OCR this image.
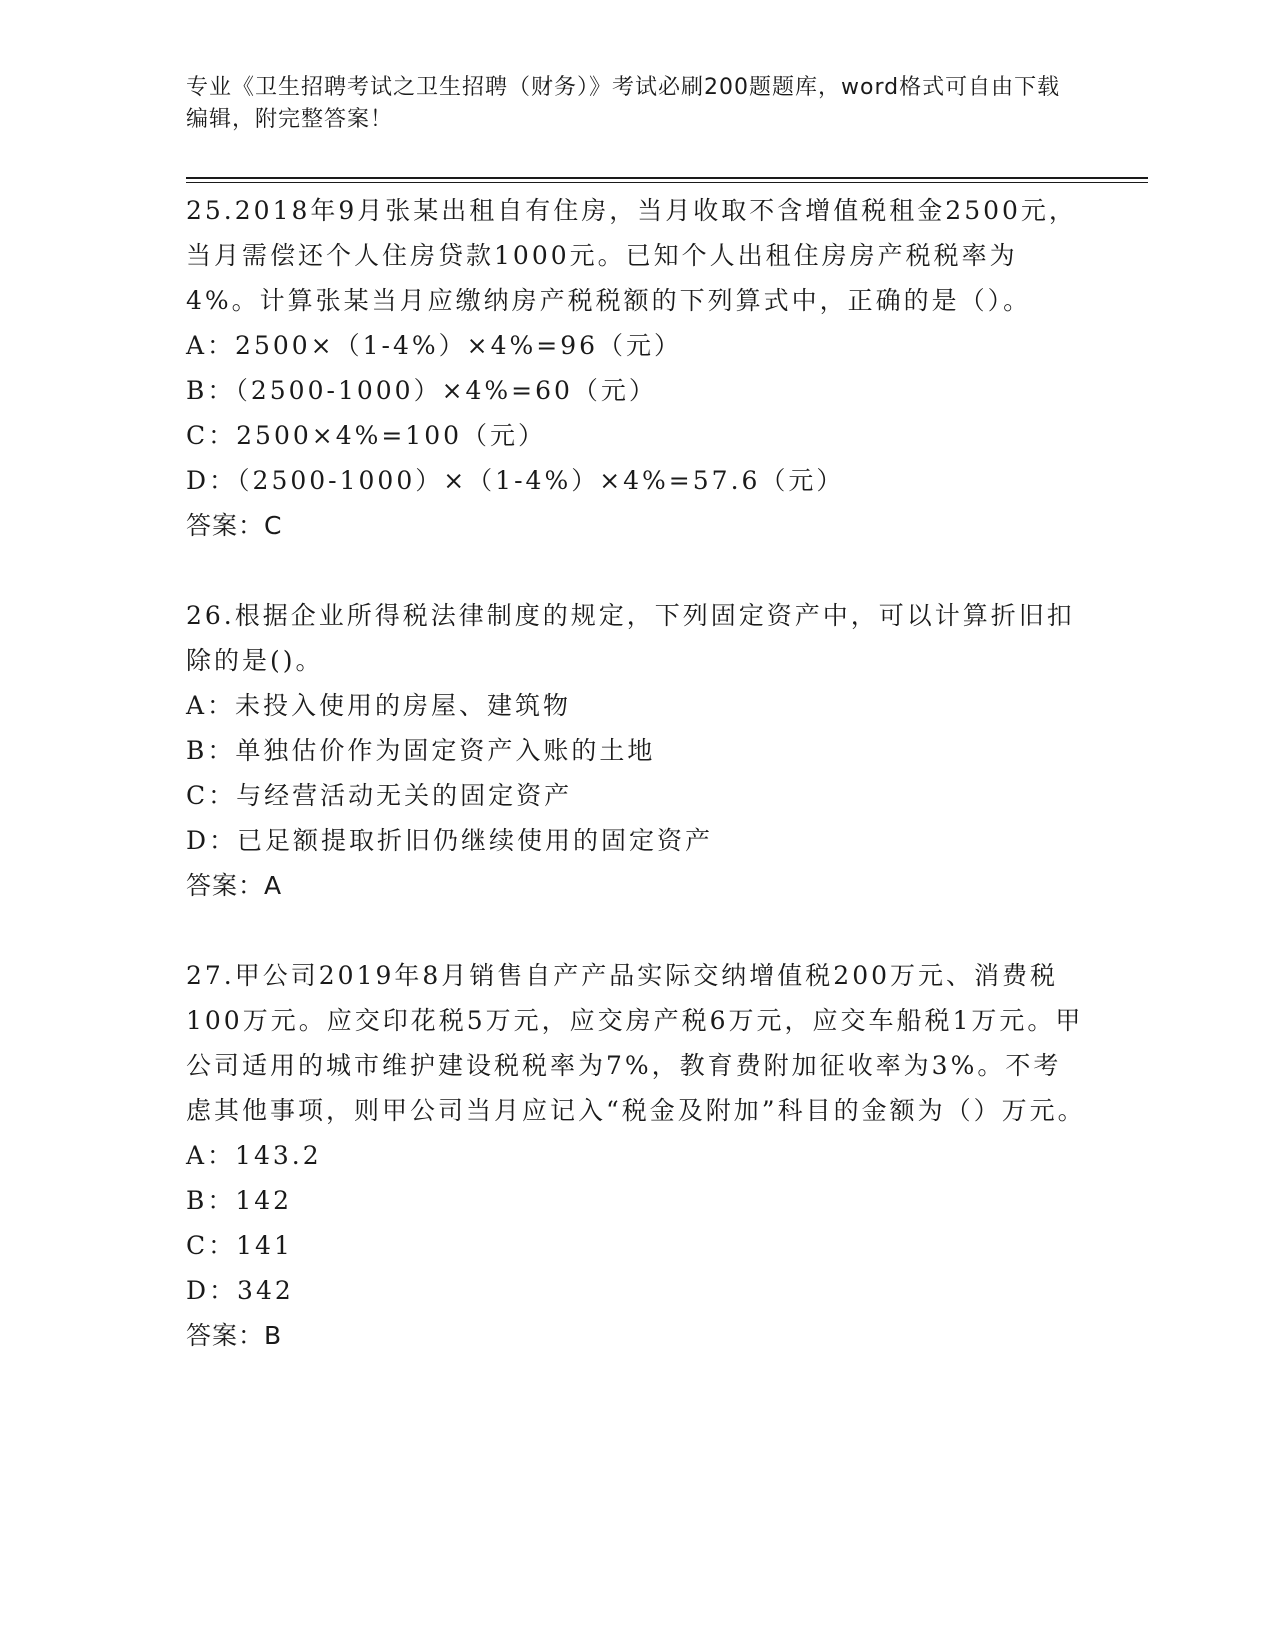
专业《卫生招聘考试之卫生招聘（财务）》考试必刷200题题库，word格式可自由下载编辑，附完整答案！
25.2018年9月张某出租自有住房，当月收取不含增值税租金2500元，当月需偿还个人住房贷款1000元。已知个人出租住房房产税税率为4%。计算张某当月应缴纳房产税税额的下列算式中，正确的是（）。
A：2500×（1-4%）×4%=96（元）
B：（2500-1000）×4%=60（元）
C：2500×4%=100（元）
D：（2500-1000）×（1-4%）×4%=57.6（元）
答案：C
26.根据企业所得税法律制度的规定，下列固定资产中，可以计算折旧扣除的是()。
A：未投入使用的房屋、建筑物
B：单独估价作为固定资产入账的土地
C：与经营活动无关的固定资产
D：已足额提取折旧仍继续使用的固定资产
答案：A
27.甲公司2019年8月销售自产产品实际交纳增值税200万元、消费税100万元。应交印花税5万元，应交房产税6万元，应交车船税1万元。甲公司适用的城市维护建设税税率为7%，教育费附加征收率为3%。不考虑其他事项，则甲公司当月应记入“税金及附加”科目的金额为（）万元。
A：143.2
B：142
C：141
D：342
答案：B
